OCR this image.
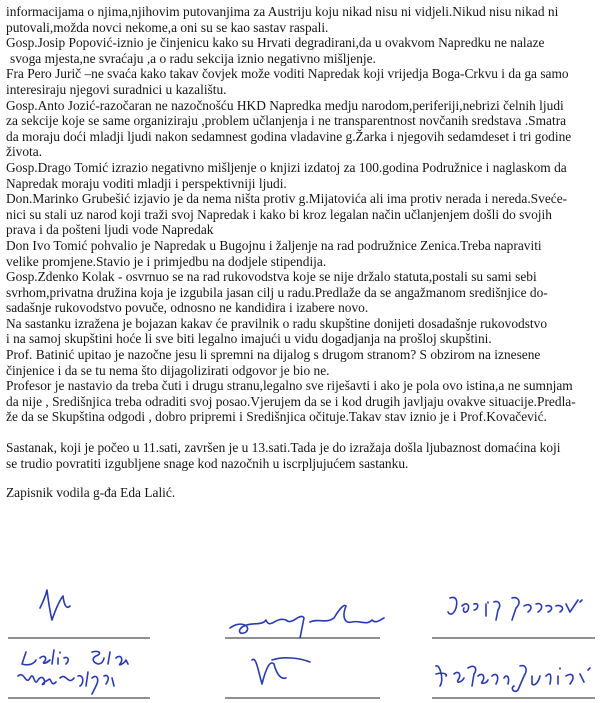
informacijama o njima,njihovim putovanjima za Austriju koju nikad nisu ni vidjeli.Nikud nisu nikad ni
putovali,možda novci nekome,a oni su se kao sastav raspali.
Gosp.Josip Popović-iznio je činjenicu kako su Hrvati degradirani,da u ovakvom Napredku ne nalaze
svoga mjesta,ne svraćaju ,a o radu sekcija iznio negativno mišljenje.
Fra Pero Jurič –ne svaća kako takav čovjek može voditi Napredak koji vrijedja Boga-Crkvu i da ga samo
interesiraju njegovi suradnici u kazalištu.
Gosp.Anto Jozić-razočaran ne nazočnošću HKD Napredka medju narodom,periferiji,nebrizi čelnih ljudi
za sekcije koje se same organiziraju ,problem učlanjenja i ne transparentnost novčanih sredstava .Smatra
da moraju doći mladji ljudi nakon sedamnest godina vladavine g.Žarka i njegovih sedamdeset i tri godine
života.
Gosp.Drago Tomić izrazio negativno mišljenje o knjizi izdatoj za 100.godina Podružnice i naglaskom da
Napredak moraju voditi mladji i perspektivniji ljudi.
Don.Marinko Grubešić izjavio je da nema ništa protiv g.Mijatovića ali ima protiv nerada i nereda.Sveće-
nici su stali uz narod koji traži svoj Napredak i kako bi kroz legalan način učlanjenjem došli do svojih
prava i da pošteni ljudi vode Napredak
Don Ivo Tomić pohvalio je Napredak u Bugojnu i žaljenje na rad podružnice Zenica.Treba napraviti
velike promjene.Stavio je i primjedbu na dodjele stipendija.
Gosp.Zdenko Kolak - osvrnuo se na rad rukovodstva koje se nije držalo statuta,postali su sami sebi
svrhom,privatna družina koja je izgubila jasan cilj u radu.Predlaže da se angažmanom središnjice do-
sadašnje rukovodstvo povuče, odnosno ne kandidira i izabere novo.
Na sastanku izražena je bojazan kakav će pravilnik o radu skupštine donijeti dosadašnje rukovodstvo
i na samoj skupštini hoće li sve biti legalno imajući u vidu dogadjanja na prošloj skupštini.
Prof. Batinić upitao je nazočne jesu li spremni na dijalog s drugom stranom? S obzirom na iznesene
činjenice i da se tu nema što dijagolizirati odgovor je bio ne.
Profesor je nastavio da treba čuti i drugu stranu,legalno sve riješavti i ako je pola ovo istina,a ne sumnjam
da nije , Središnjica treba odraditi svoj posao.Vjerujem da se i kod drugih javljaju ovakve situacije.Predla-
že da se Skupština odgodi , dobro pripremi i Središnjica očituje.Takav stav iznio je i Prof.Kovačević.
Sastanak, koji je počeo u 11.sati, završen je u 13.sati.Tada je do izražaja došla ljubaznost domaćina koji
se trudio povratiti izgubljene snage kod nazočnih u iscrpljujućem sastanku.
Zapisnik vodila g-đa Eda Lalić.
